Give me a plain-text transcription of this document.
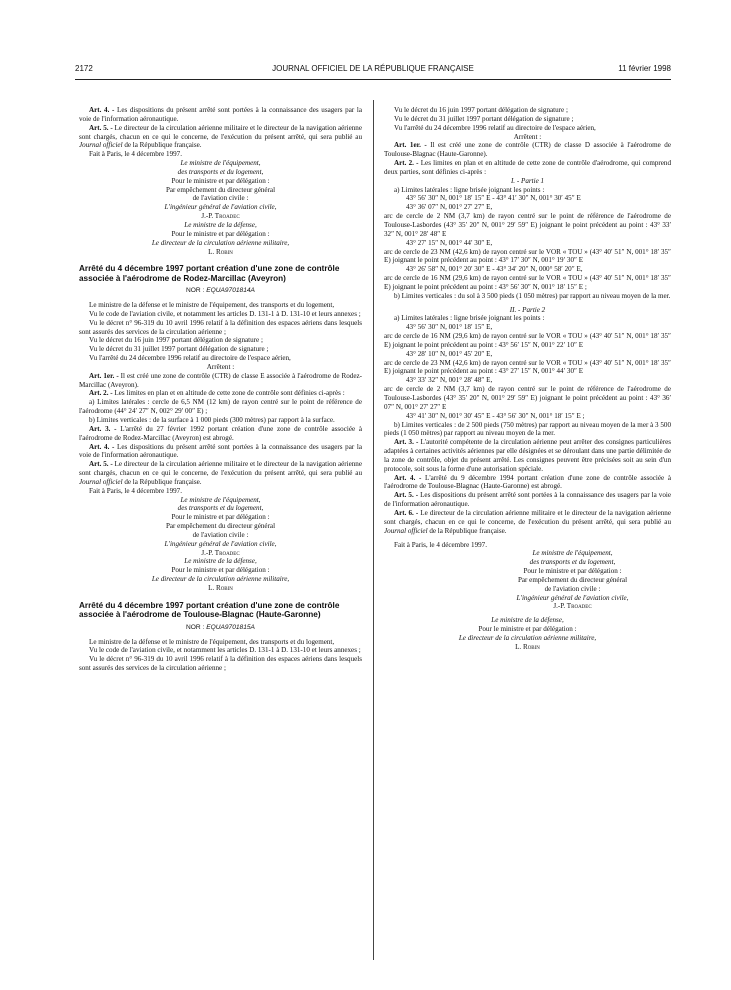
2172	JOURNAL OFFICIEL DE LA RÉPUBLIQUE FRANÇAISE	11 février 1998

Art. 4. - Les dispositions du présent arrêté sont portées à la connaissance des usagers par la voie de l'information aéronautique.

Art. 5. - Le directeur de la circulation aérienne militaire et le directeur de la navigation aérienne sont chargés, chacun en ce qui le concerne, de l'exécution du présent arrêté, qui sera publié au Journal officiel de la République française.

Fait à Paris, le 4 décembre 1997.

Le ministre de l'équipement,
des transports et du logement,
Pour le ministre et par délégation :
Par empêchement du directeur général
de l'aviation civile :
L'ingénieur général de l'aviation civile,
J.-P. Troadec
Le ministre de la défense,
Pour le ministre et par délégation :
Le directeur de la circulation aérienne militaire,
L. Robin
Arrêté du 4 décembre 1997 portant création d'une zone de contrôle associée à l'aérodrome de Rodez-Marcillac (Aveyron)
NOR : EQUA9701814A

Le ministre de la défense et le ministre de l'équipement, des transports et du logement,

Vu le code de l'aviation civile, et notamment les articles D. 131-1 à D. 131-10 et leurs annexes ;

Vu le décret n° 96-319 du 10 avril 1996 relatif à la définition des espaces aériens dans lesquels sont assurés des services de la circulation aérienne ;

Vu le décret du 16 juin 1997 portant délégation de signature ;

Vu le décret du 31 juillet 1997 portant délégation de signature ;

Vu l'arrêté du 24 décembre 1996 relatif au directoire de l'espace aérien,

Arrêtent :

Art. 1er. - Il est créé une zone de contrôle (CTR) de classe E associée à l'aérodrome de Rodez-Marcillac (Aveyron).

Art. 2. - Les limites en plan et en altitude de cette zone de contrôle sont définies ci-après :

a) Limites latérales : cercle de 6,5 NM (12 km) de rayon centré sur le point de référence de l'aérodrome (44° 24′ 27″ N, 002° 29′ 00″ E) ;

b) Limites verticales : de la surface à 1 000 pieds (300 mètres) par rapport à la surface.

Art. 3. - L'arrêté du 27 février 1992 portant création d'une zone de contrôle associée à l'aérodrome de Rodez-Marcillac (Aveyron) est abrogé.

Art. 4. - Les dispositions du présent arrêté sont portées à la connaissance des usagers par la voie de l'information aéronautique.

Art. 5. - Le directeur de la circulation aérienne militaire et le directeur de la navigation aérienne sont chargés, chacun en ce qui le concerne, de l'exécution du présent arrêté, qui sera publié au Journal officiel de la République française.

Fait à Paris, le 4 décembre 1997.

Le ministre de l'équipement,
des transports et du logement,
Pour le ministre et par délégation :
Par empêchement du directeur général
de l'aviation civile :
L'ingénieur général de l'aviation civile,
J.-P. Troadec
Le ministre de la défense,
Pour le ministre et par délégation :
Le directeur de la circulation aérienne militaire,
L. Robin
Arrêté du 4 décembre 1997 portant création d'une zone de contrôle associée à l'aérodrome de Toulouse-Blagnac (Haute-Garonne)
NOR : EQUA9701815A

Le ministre de la défense et le ministre de l'équipement, des transports et du logement,

Vu le code de l'aviation civile, et notamment les articles D. 131-1 à D. 131-10 et leurs annexes ;

Vu le décret n° 96-319 du 10 avril 1996 relatif à la définition des espaces aériens dans lesquels sont assurés des services de la circulation aérienne ;

Vu le décret du 16 juin 1997 portant délégation de signature ;

Vu le décret du 31 juillet 1997 portant délégation de signature ;

Vu l'arrêté du 24 décembre 1996 relatif au directoire de l'espace aérien,

Arrêtent :

Art. 1er. - Il est créé une zone de contrôle (CTR) de classe D associée à l'aérodrome de Toulouse-Blagnac (Haute-Garonne).

Art. 2. - Les limites en plan et en altitude de cette zone de contrôle d'aérodrome, qui comprend deux parties, sont définies ci-après :

I. - Partie 1

a) Limites latérales : ligne brisée joignant les points :

43° 56′ 30″ N, 001° 18′ 15″ E - 43° 41′ 30″ N, 001° 30′ 45″ E

43° 36′ 07″ N, 001° 27′ 27″ E,

arc de cercle de 2 NM (3,7 km) de rayon centré sur le point de référence de l'aérodrome de Toulouse-Lasbordes (43° 35′ 20″ N, 001° 29′ 59″ E) joignant le point précédent au point : 43° 33′ 32″ N, 001° 28′ 48″ E

43° 27′ 15″ N, 001° 44′ 30″ E,

arc de cercle de 23 NM (42,6 km) de rayon centré sur le VOR « TOU » (43° 40′ 51″ N, 001° 18′ 35″ E) joignant le point précédent au point : 43° 17′ 30″ N, 001° 19′ 30″ E

43° 26′ 58″ N, 001° 20′ 30″ E - 43° 34′ 20″ N, 000° 58′ 20″ E,

arc de cercle de 16 NM (29,6 km) de rayon centré sur le VOR « TOU » (43° 40′ 51″ N, 001° 18′ 35″ E) joignant le point précédent au point : 43° 56′ 30″ N, 001° 18′ 15″ E ;

b) Limites verticales : du sol à 3 500 pieds (1 050 mètres) par rapport au niveau moyen de la mer.

II. - Partie 2

a) Limites latérales : ligne brisée joignant les points :

43° 56′ 30″ N, 001° 18′ 15″ E,

arc de cercle de 16 NM (29,6 km) de rayon centré sur le VOR « TOU » (43° 40′ 51″ N, 001° 18′ 35″ E) joignant le point précédent au point : 43° 56′ 15″ N, 001° 22′ 10″ E

43° 28′ 10″ N, 001° 45′ 20″ E,

arc de cercle de 23 NM (42,6 km) de rayon centré sur le VOR « TOU » (43° 40′ 51″ N, 001° 18′ 35″ E) joignant le point précédent au point : 43° 27′ 15″ N, 001° 44′ 30″ E

43° 33′ 32″ N, 001° 28′ 48″ E,

arc de cercle de 2 NM (3,7 km) de rayon centré sur le point de référence de l'aérodrome de Toulouse-Lasbordes (43° 35′ 20″ N, 001° 29′ 59″ E) joignant le point précédent au point : 43° 36′ 07″ N, 001° 27′ 27″ E

43° 41′ 30″ N, 001° 30′ 45″ E - 43° 56′ 30″ N, 001° 18′ 15″ E ;

b) Limites verticales : de 2 500 pieds (750 mètres) par rapport au niveau moyen de la mer à 3 500 pieds (1 050 mètres) par rapport au niveau moyen de la mer.

Art. 3. - L'autorité compétente de la circulation aérienne peut arrêter des consignes particulières adaptées à certaines activités aériennes par elle désignées et se déroulant dans une partie délimitée de la zone de contrôle, objet du présent arrêté. Les consignes peuvent être précisées soit au sein d'un protocole, soit sous la forme d'une autorisation spéciale.

Art. 4. - L'arrêté du 9 décembre 1994 portant création d'une zone de contrôle associée à l'aérodrome de Toulouse-Blagnac (Haute-Garonne) est abrogé.

Art. 5. - Les dispositions du présent arrêté sont portées à la connaissance des usagers par la voie de l'information aéronautique.

Art. 6. - Le directeur de la circulation aérienne militaire et le directeur de la navigation aérienne sont chargés, chacun en ce qui le concerne, de l'exécution du présent arrêté, qui sera publié au Journal officiel de la République française.

Fait à Paris, le 4 décembre 1997.

Le ministre de l'équipement,
des transports et du logement,
Pour le ministre et par délégation :
Par empêchement du directeur général
de l'aviation civile :
L'ingénieur général de l'aviation civile,
J.-P. Troadec
Le ministre de la défense,
Pour le ministre et par délégation :
Le directeur de la circulation aérienne militaire,
L. Robin
